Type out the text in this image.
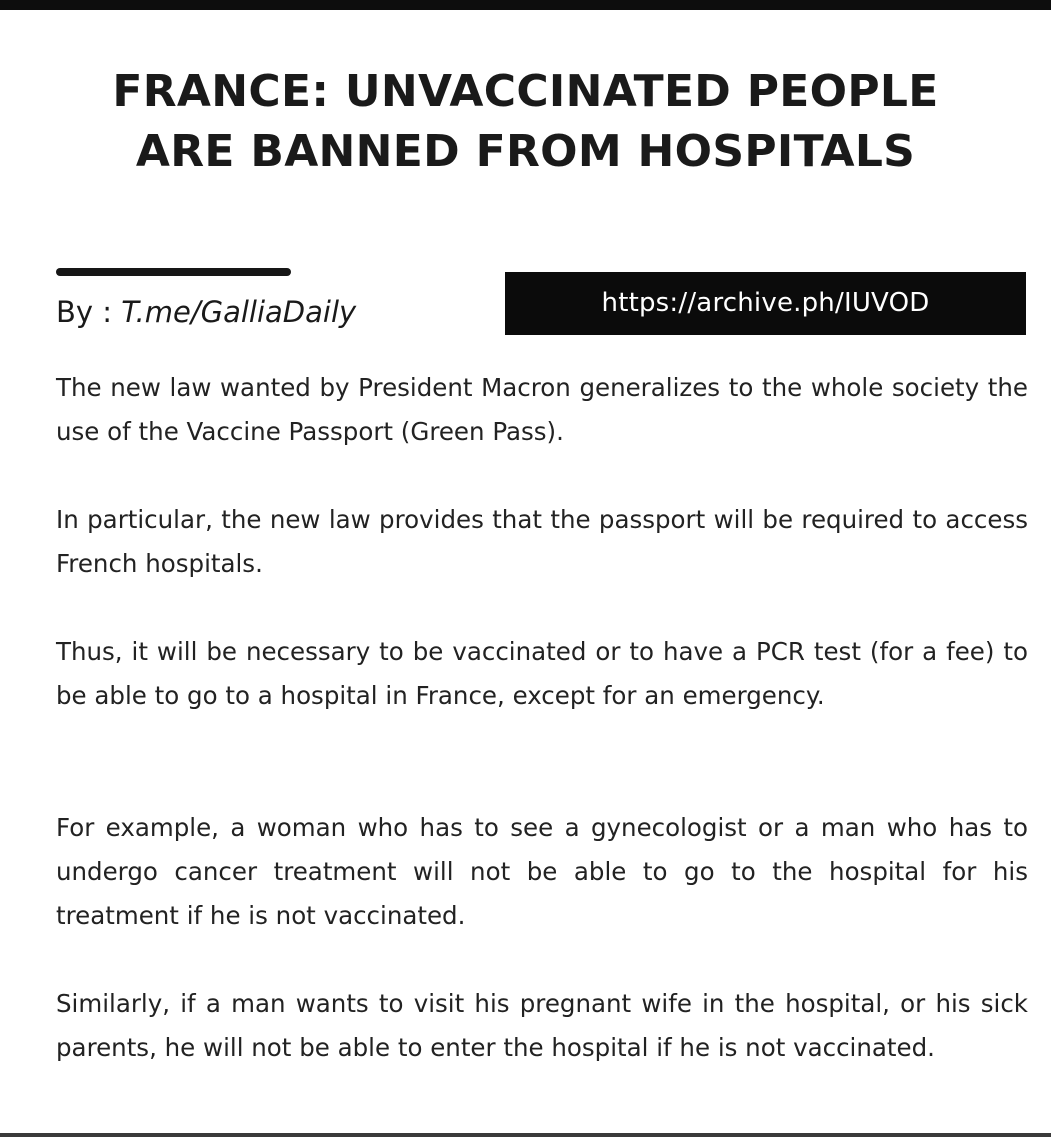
FRANCE: UNVACCINATED PEOPLE
ARE BANNED FROM HOSPITALS
By : T.me/GalliaDaily	https://archive.ph/IUVOD

The new law wanted by President Macron generalizes to the whole society the use of the Vaccine Passport (Green Pass).

In particular, the new law provides that the passport will be required to access French hospitals.

Thus, it will be necessary to be vaccinated or to have a PCR test (for a fee) to be able to go to a hospital in France, except for an emergency.

For example, a woman who has to see a gynecologist or a man who has to undergo cancer treatment will not be able to go to the hospital for his treatment if he is not vaccinated.

Similarly, if a man wants to visit his pregnant wife in the hospital, or his sick parents, he will not be able to enter the hospital if he is not vaccinated.
